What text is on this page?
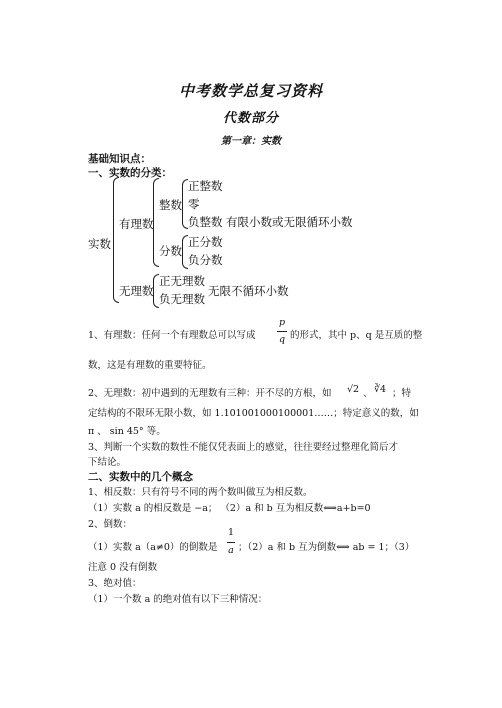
中考数学总复习资料
代数部分
第一章：实数
基础知识点：
一、实数的分类：
实数
有理数
整数
正整数
零
负整数 有限小数或无限循环小数
分数
正分数
负分数
无理数
正无理数
负无理数
无限不循环小数
1、有理数：任何一个有理数总可以写成
p
q 的形式，其中 p、q 是互质的整
数，这是有理数的重要特征。
2、无理数：初中遇到的无理数有三种：开不尽的方根，如 √2 、 ∛4 ；特
定结构的不限环无限小数，如 1.101001000100001……；特定意义的数，如
π 、 sin 45° 等。
3、判断一个实数的数性不能仅凭表面上的感觉，往往要经过整理化简后才
下结论。
二、实数中的几个概念
1、相反数：只有符号不同的两个数叫做互为相反数。
（1）实数 a 的相反数是 −a； （2）a 和 b 互为相反数⟺a+b=0
2、倒数：
（1）实数 a（a≠0）的倒数是
1
a ；（2）a 和 b 互为倒数⟺ ab = 1；（3）
注意 0 没有倒数
3、绝对值：
（1）一个数 a 的绝对值有以下三种情况：
